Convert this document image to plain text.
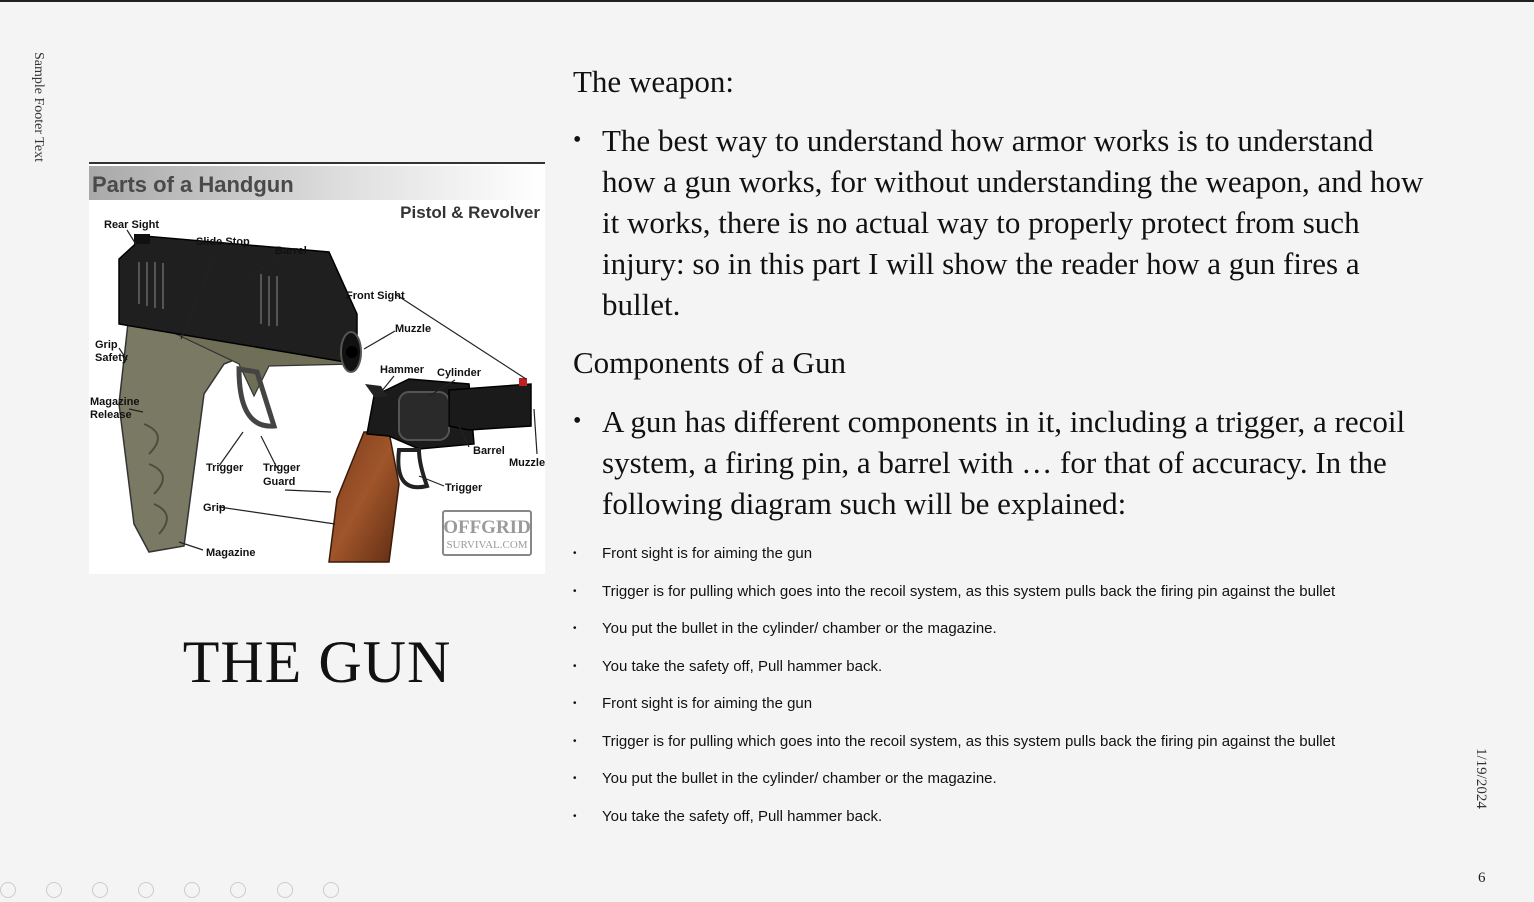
Sample Footer Text
Parts of a Handgun
Pistol & Revolver
Rear Sight
Slide Stop
Barrel
Front Sight
Muzzle
Grip
Safety
Magazine
Release
Hammer Cylinder
Barrel
Muzzle
Trigger Trigger
Guard	Trigger
Grip
Magazine
OFFGRID
SURVIVAL.COM
THE GUN
The weapon:
• The best way to understand how armor works is to understand how a gun works, for without understanding the weapon, and how it works, there is no actual way to properly protect from such injury: so in this part I will show the reader how a gun fires a bullet.
Components of a Gun
• A gun has different components in it, including a trigger, a recoil system, a firing pin, a barrel with … for that of accuracy. In the following diagram such will be explained:
• Front sight is for aiming the gun
• Trigger is for pulling which goes into the recoil system, as this system pulls back the firing pin against the bullet
• You put the bullet in the cylinder/ chamber or the magazine.
• You take the safety off, Pull hammer back.
• Front sight is for aiming the gun
• Trigger is for pulling which goes into the recoil system, as this system pulls back the firing pin against the bullet
• You put the bullet in the cylinder/ chamber or the magazine.
• You take the safety off, Pull hammer back.
1/19/2024
6
